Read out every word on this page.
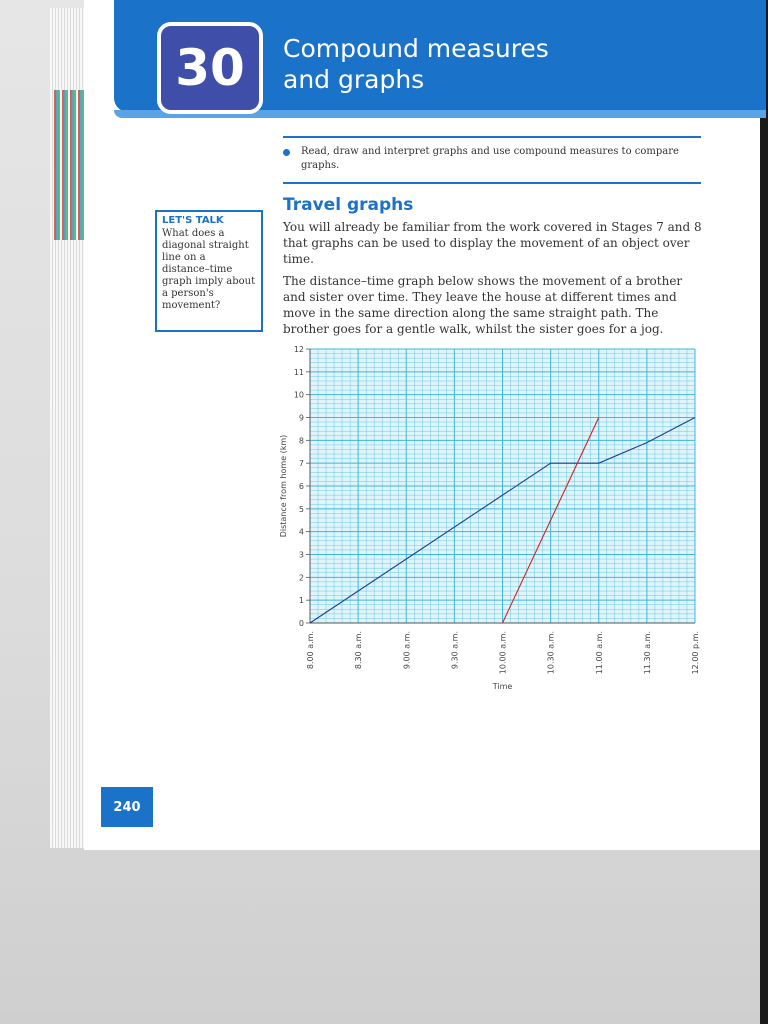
30	Compound measures
and graphs
Read, draw and interpret graphs and use compound measures to compare graphs.
Travel graphs
You will already be familiar from the work covered in Stages 7 and 8 that graphs can be used to display the movement of an object over time.
The distance–time graph below shows the movement of a brother and sister over time. They leave the house at different times and move in the same direction along the same straight path. The brother goes for a gentle walk, whilst the sister goes for a jog.
LET'S TALK
What does a diagonal straight line on a distance–time graph imply about a person's movement?
0
1
2
3
4
5
6
7
8
9
10
11
12
8.00 a.m.	8.30 a.m.	9.00 a.m.	9.30 a.m.	10.00 a.m.	10.30 a.m.	11.00 a.m.	11.30 a.m.	12.00 p.m.
Distance from home (km)
Time
240
